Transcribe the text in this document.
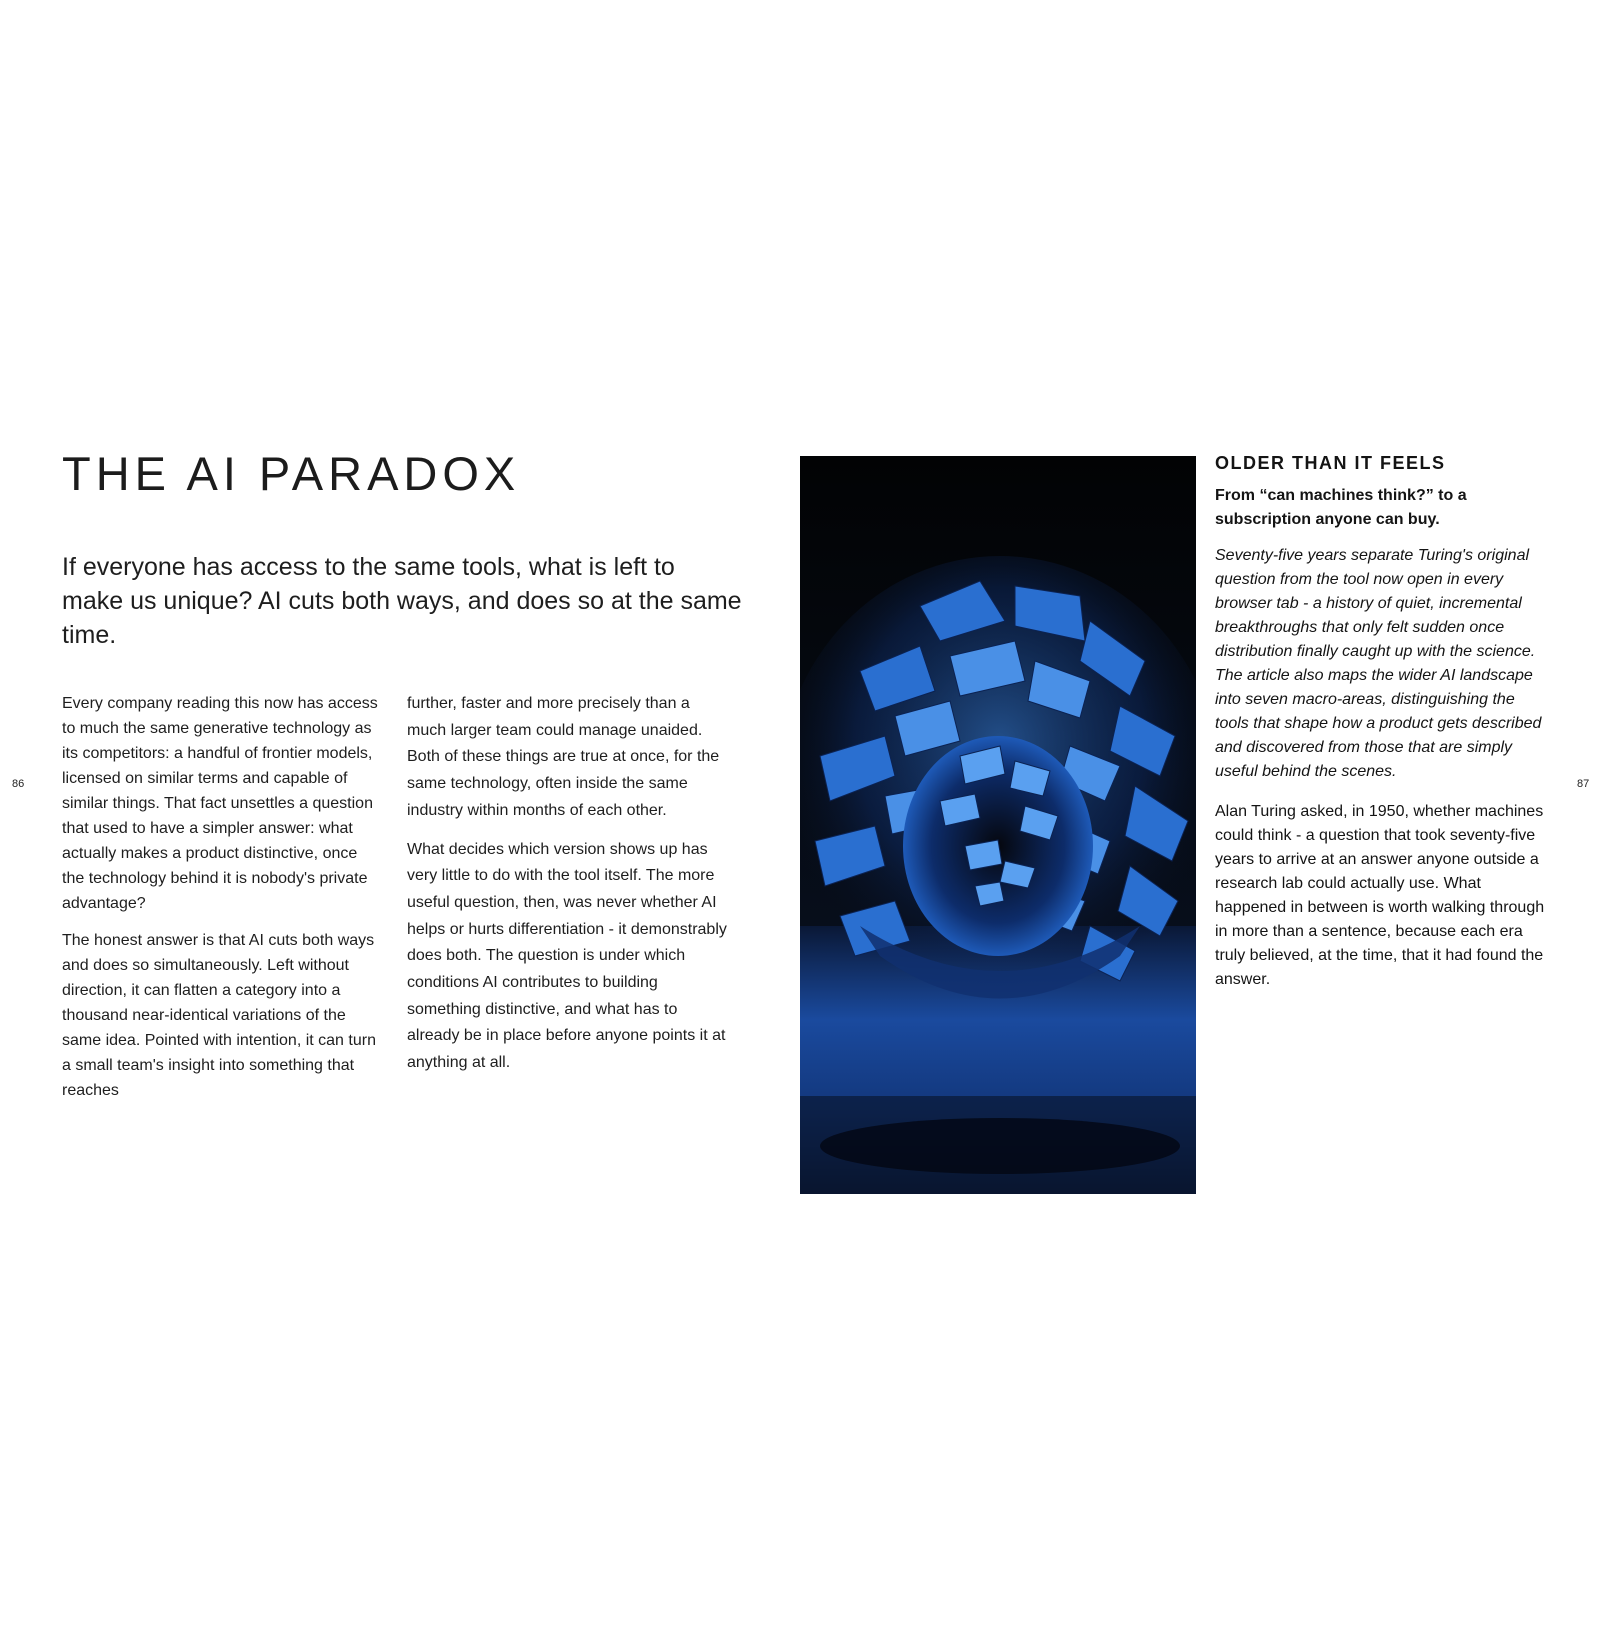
86	87
THE AI PARADOX

If everyone has access to the same tools, what is left to make us unique? AI cuts both ways, and does so at the same time.

Every company reading this now has access to much the same generative technology as its competitors: a handful of frontier models, licensed on similar terms and capable of similar things. That fact unsettles a question that used to have a simpler answer: what actually makes a product distinctive, once the technology behind it is nobody's private advantage?

The honest answer is that AI cuts both ways and does so simultaneously. Left without direction, it can flatten a category into a thousand near-identical variations of the same idea. Pointed with intention, it can turn a small team's insight into something that reaches

further, faster and more precisely than a much larger team could manage unaided. Both of these things are true at once, for the same technology, often inside the same industry within months of each other.

What decides which version shows up has very little to do with the tool itself. The more useful question, then, was never whether AI helps or hurts differentiation - it demonstrably does both. The question is under which conditions AI contributes to building something distinctive, and what has to already be in place before anyone points it at anything at all.

OLDER THAN IT FEELS

From “can machines think?” to a subscription anyone can buy.

Seventy-five years separate Turing's original question from the tool now open in every browser tab - a history of quiet, incremental breakthroughs that only felt sudden once distribution finally caught up with the science. The article also maps the wider AI landscape into seven macro-areas, distinguishing the tools that shape how a product gets described and discovered from those that are simply useful behind the scenes.

Alan Turing asked, in 1950, whether machines could think - a question that took seventy-five years to arrive at an answer anyone outside a research lab could actually use. What happened in between is worth walking through in more than a sentence, because each era truly believed, at the time, that it had found the answer.
